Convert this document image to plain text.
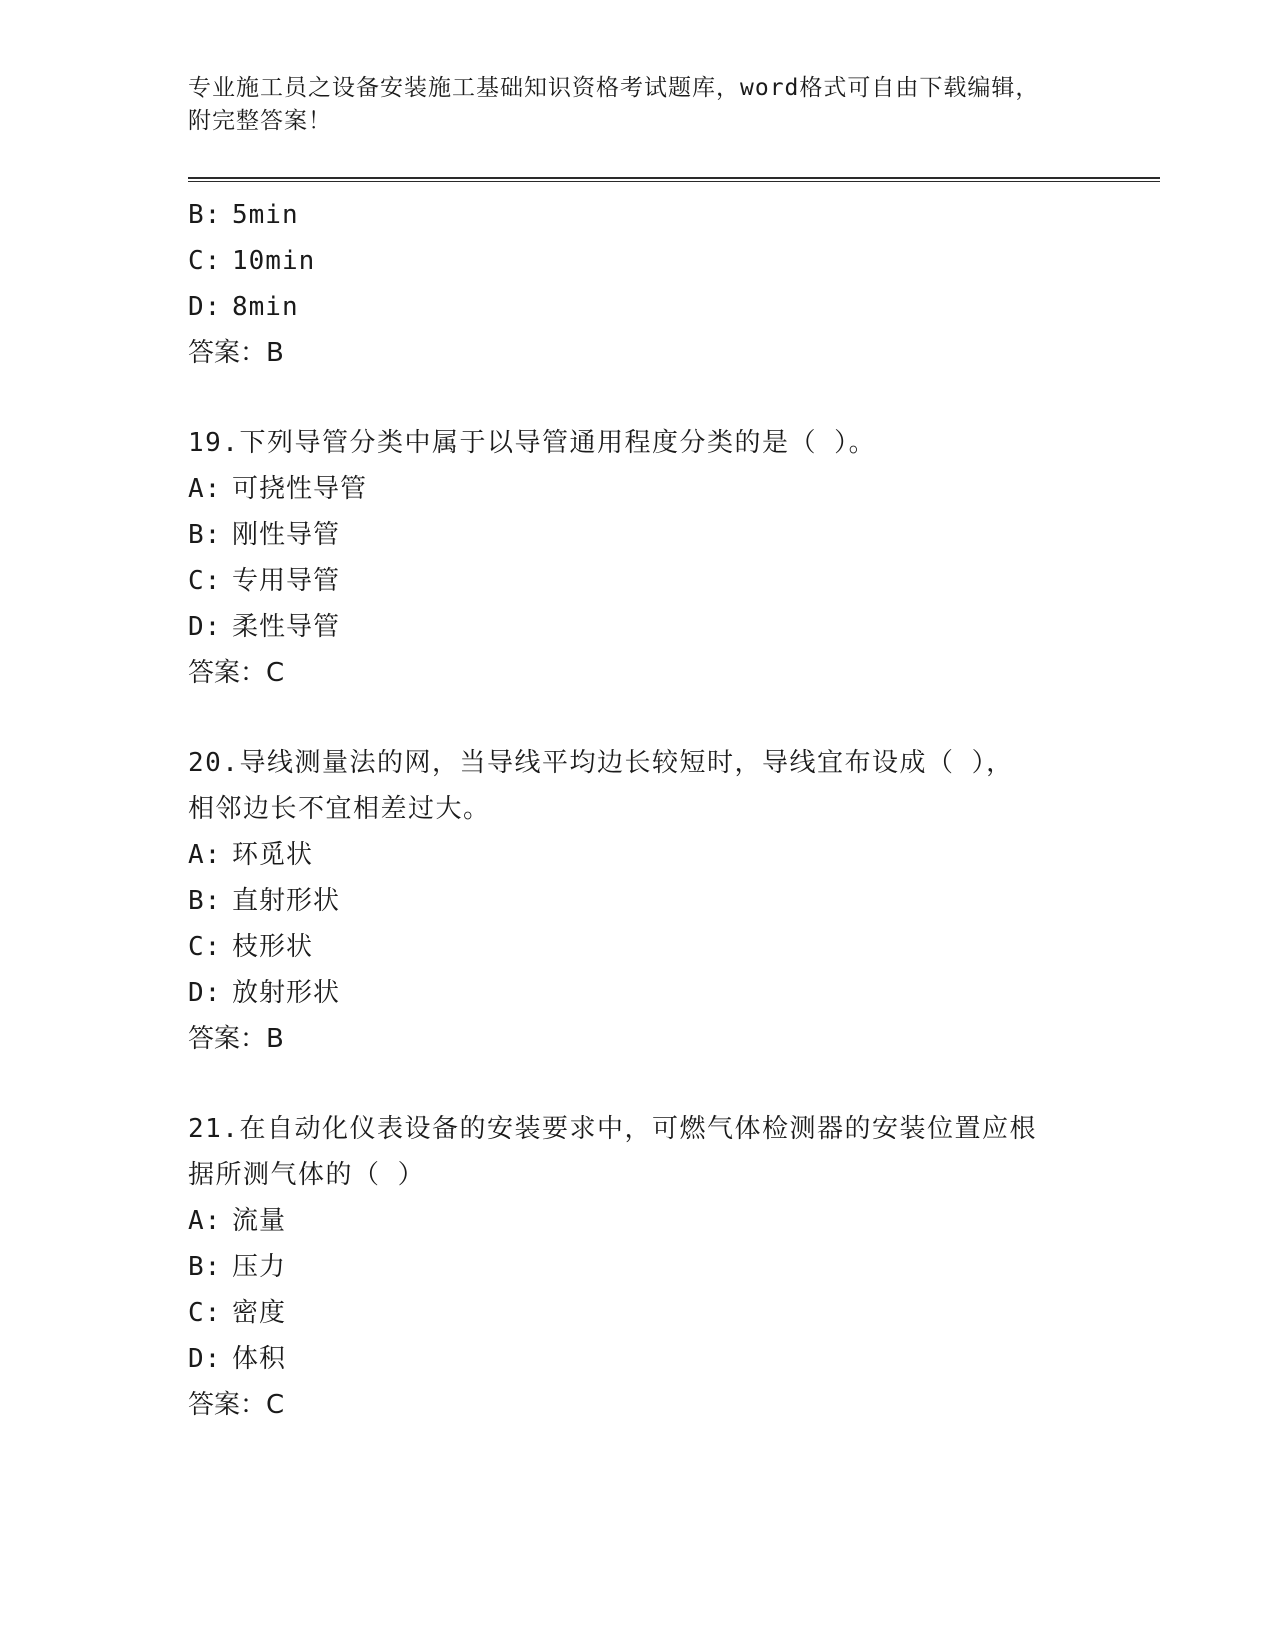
专业施工员之设备安装施工基础知识资格考试题库，word格式可自由下载编辑，
附完整答案！
B: 5min
C: 10min
D: 8min
答案：B
19.下列导管分类中属于以导管通用程度分类的是（ ）。
A: 可挠性导管
B: 刚性导管
C: 专用导管
D: 柔性导管
答案：C
20.导线测量法的网，当导线平均边长较短时，导线宜布设成（ ），
相邻边长不宜相差过大。
A: 环觅状
B: 直射形状
C: 枝形状
D: 放射形状
答案：B
21.在自动化仪表设备的安装要求中，可燃气体检测器的安装位置应根
据所测气体的（ ）
A: 流量
B: 压力
C: 密度
D: 体积
答案：C
